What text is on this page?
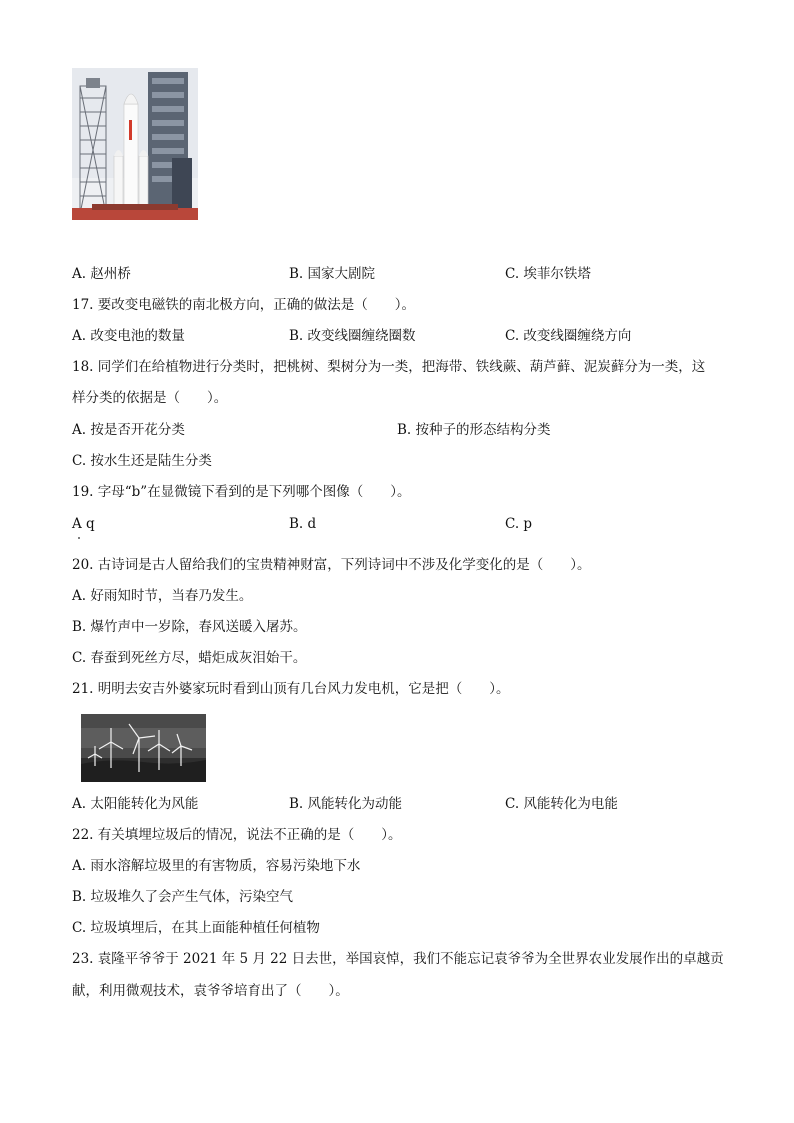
A. 赵州桥	B. 国家大剧院	C. 埃菲尔铁塔
17. 要改变电磁铁的南北极方向，正确的做法是（　　）。
A. 改变电池的数量	B. 改变线圈缠绕圈数	C. 改变线圈缠绕方向
18. 同学们在给植物进行分类时，把桃树、梨树分为一类，把海带、铁线蕨、葫芦藓、泥炭藓分为一类，这
样分类的依据是（　　）。
A. 按是否开花分类	B. 按种子的形态结构分类
C. 按水生还是陆生分类
19. 字母“b”在显微镜下看到的是下列哪个图像（　　）。
A q	B. d	C. p
20. 古诗词是古人留给我们的宝贵精神财富，下列诗词中不涉及化学变化的是（　　）。
A. 好雨知时节，当春乃发生。
B. 爆竹声中一岁除，春风送暖入屠苏。
C. 春蚕到死丝方尽，蜡炬成灰泪始干。
21. 明明去安吉外婆家玩时看到山顶有几台风力发电机，它是把（　　）。
A. 太阳能转化为风能	B. 风能转化为动能	C. 风能转化为电能
22. 有关填埋垃圾后的情况，说法不正确的是（　　）。
A. 雨水溶解垃圾里的有害物质，容易污染地下水
B. 垃圾堆久了会产生气体，污染空气
C. 垃圾填埋后，在其上面能种植任何植物
23. 袁隆平爷爷于 2021 年 5 月 22 日去世，举国哀悼，我们不能忘记袁爷爷为全世界农业发展作出的卓越贡
献，利用微观技术，袁爷爷培育出了（　　）。
